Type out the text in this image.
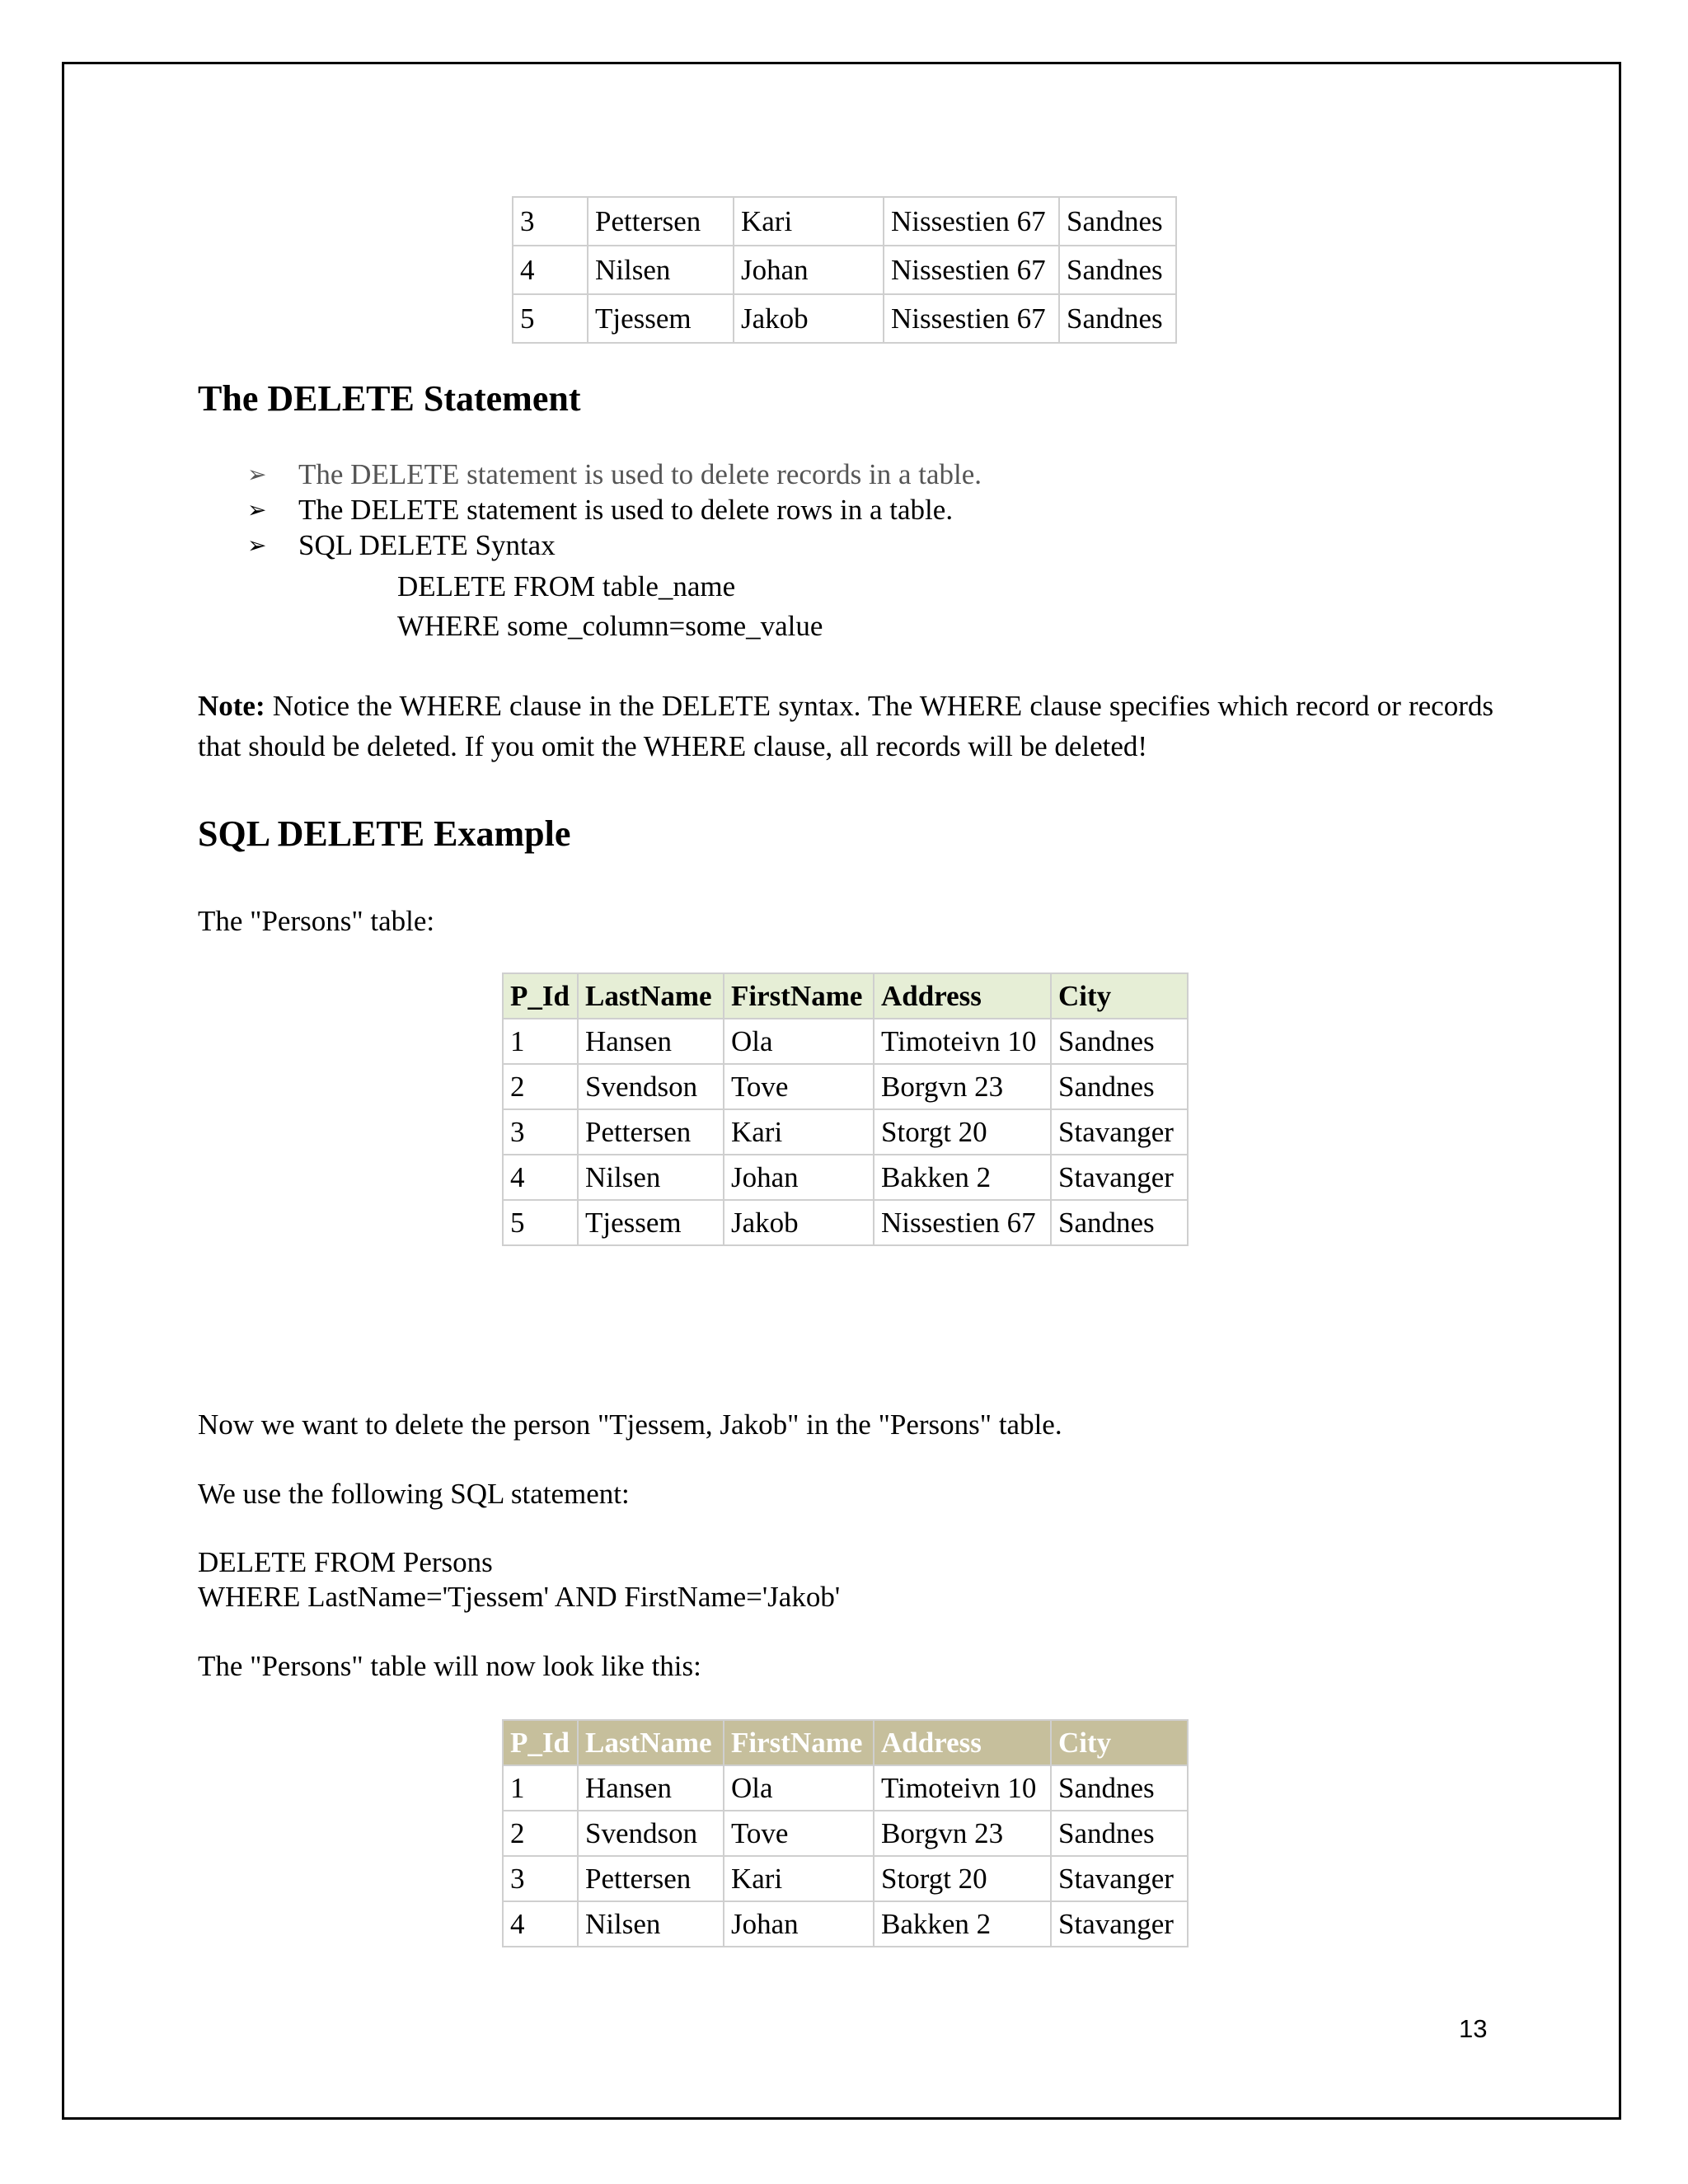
3	Pettersen	Kari	Nissestien 67	Sandnes
4	Nilsen	Johan	Nissestien 67	Sandnes
5	Tjessem	Jakob	Nissestien 67	Sandnes
The DELETE Statement
➢ The DELETE statement is used to delete records in a table.
➢ The DELETE statement is used to delete rows in a table.
➢ SQL DELETE Syntax
DELETE FROM table_name
WHERE some_column=some_value

Note: Notice the WHERE clause in the DELETE syntax. The WHERE clause specifies which record or records that should be deleted. If you omit the WHERE clause, all records will be deleted!

SQL DELETE Example

The "Persons" table:

P_Id	LastName	FirstName	Address	City
1	Hansen	Ola	Timoteivn 10	Sandnes
2	Svendson	Tove	Borgvn 23	Sandnes
3	Pettersen	Kari	Storgt 20	Stavanger
4	Nilsen	Johan	Bakken 2	Stavanger
5	Tjessem	Jakob	Nissestien 67	Sandnes

Now we want to delete the person "Tjessem, Jakob" in the "Persons" table.

We use the following SQL statement:

DELETE FROM Persons
WHERE LastName='Tjessem' AND FirstName='Jakob'

The "Persons" table will now look like this:

P_Id	LastName	FirstName	Address	City
1	Hansen	Ola	Timoteivn 10	Sandnes
2	Svendson	Tove	Borgvn 23	Sandnes
3	Pettersen	Kari	Storgt 20	Stavanger
4	Nilsen	Johan	Bakken 2	Stavanger
13
